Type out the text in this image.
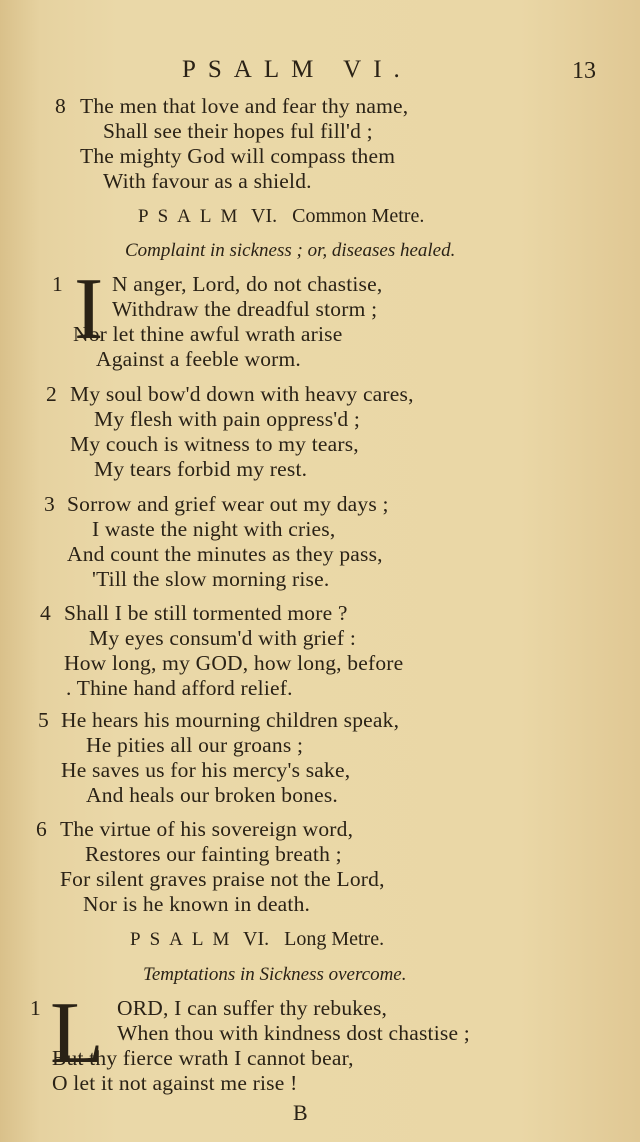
PSALM VI.	13
8 The men that love and fear thy name,
Shall see their hopes ful fill'd ;
The mighty God will compass them
With favour as a shield.
PSALM VI. Common Metre.
Complaint in sickness ; or, diseases healed.
1 I N anger, Lord, do not chastise,
Withdraw the dreadful storm ;
Nor let thine awful wrath arise
Against a feeble worm.
2 My soul bow'd down with heavy cares,
My flesh with pain oppress'd ;
My couch is witness to my tears,
My tears forbid my rest.
3 Sorrow and grief wear out my days ;
I waste the night with cries,
And count the minutes as they pass,
'Till the slow morning rise.
4 Shall I be still tormented more ?
My eyes consum'd with grief :
How long, my GOD, how long, before
. Thine hand afford relief.
5 He hears his mourning children speak,
He pities all our groans ;
He saves us for his mercy's sake,
And heals our broken bones.
6 The virtue of his sovereign word,
Restores our fainting breath ;
For silent graves praise not the Lord,
Nor is he known in death.
PSALM VI. Long Metre.
Temptations in Sickness overcome.
1 L ORD, I can suffer thy rebukes,
When thou with kindness dost chastise ;
But thy fierce wrath I cannot bear,
O let it not against me rise !
B
